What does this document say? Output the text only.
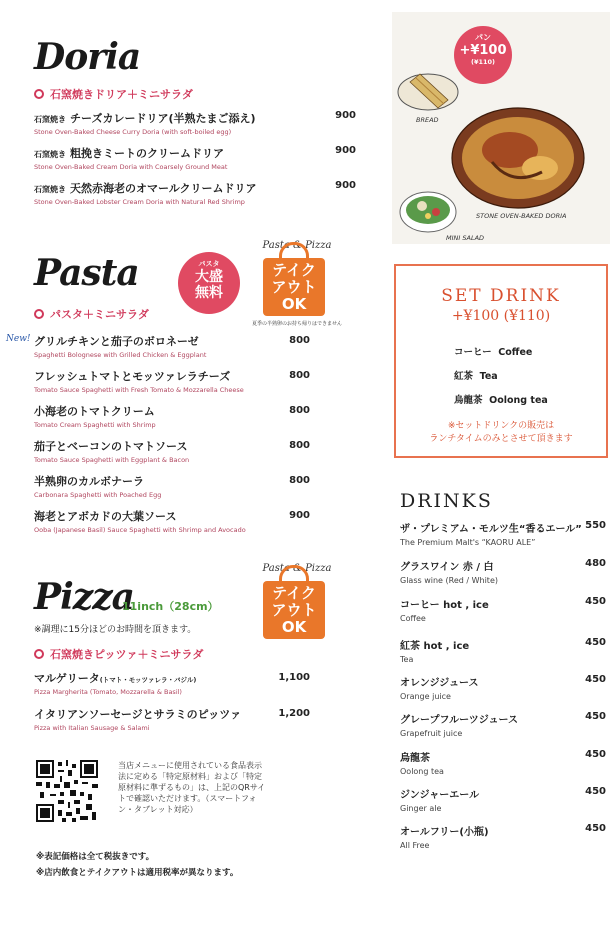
Doria
石窯焼きドリア＋ミニサラダ
石窯焼き チーズカレードリア(半熟たまご添え)
Stone Oven-Baked Cheese Curry Doria (with soft-boiled egg)
900
石窯焼き 粗挽きミートのクリームドリア
Stone Oven-Baked Cream Doria with Coarsely Ground Meat
900
石窯焼き 天然赤海老のオマールクリームドリア
Stone Oven-Baked Lobster Cream Doria with Natural Red Shrimp
900
Pasta	パスタ
大盛
無料
Pasta & Pizza
テイク
アウト
OK
夏季の半熟卵のお持ち帰りはできません
パスタ＋ミニサラダ
New! グリルチキンと茄子のボロネーゼ
Spaghetti Bolognese with Grilled Chicken & Eggplant
800
フレッシュトマトとモッツァレラチーズ
Tomato Sauce Spaghetti with Fresh Tomato & Mozzarella Cheese
800
小海老のトマトクリーム
Tomato Cream Spaghetti with Shrimp
800
茄子とベーコンのトマトソース
Tomato Sauce Spaghetti with Eggplant & Bacon
800
半熟卵のカルボナーラ
Carbonara Spaghetti with Poached Egg
800
海老とアボカドの大葉ソース
Ooba (Japanese Basil) Sauce Spaghetti with Shrimp and Avocado
900
Pizza
11inch（28cm）
※調理に15分ほどのお時間を頂きます。
Pasta & Pizza
テイク
アウト
OK
石窯焼きピッツァ＋ミニサラダ
マルゲリータ(トマト・モッツァレラ・バジル)
Pizza Margherita (Tomato, Mozzarella & Basil)
1,100
イタリアンソーセージとサラミのピッツァ
Pizza with Italian Sausage & Salami
1,200
当店メニューに使用されている食品表示法に定める「特定原材料」および「特定原材料に準ずるもの」は、上記のQRサイトで確認いただけます。（スマートフォン・タブレット対応）
※表記価格は全て税抜きです。
※店内飲食とテイクアウトは適用税率が異なります。
パン
+¥100
(¥110)
BREAD
STONE OVEN-BAKED DORIA
MINI SALAD
SET DRINK
+¥100 (¥110)
コーヒー Coffee
紅茶 Tea
烏龍茶 Oolong tea
※セットドリンクの販売は
ランチタイムのみとさせて頂きます
DRINKS
ザ・プレミアム・モルツ生“香るエール”
The Premium Malt's “KAORU ALE”
550
グラスワイン 赤 / 白
Glass wine (Red / White)
480
コーヒー hot , ice
Coffee
450
紅茶 hot , ice
Tea
450
オレンジジュース
Orange juice
450
グレープフルーツジュース
Grapefruit juice
450
烏龍茶
Oolong tea
450
ジンジャーエール
Ginger ale
450
オールフリー(小瓶)
All Free
450
